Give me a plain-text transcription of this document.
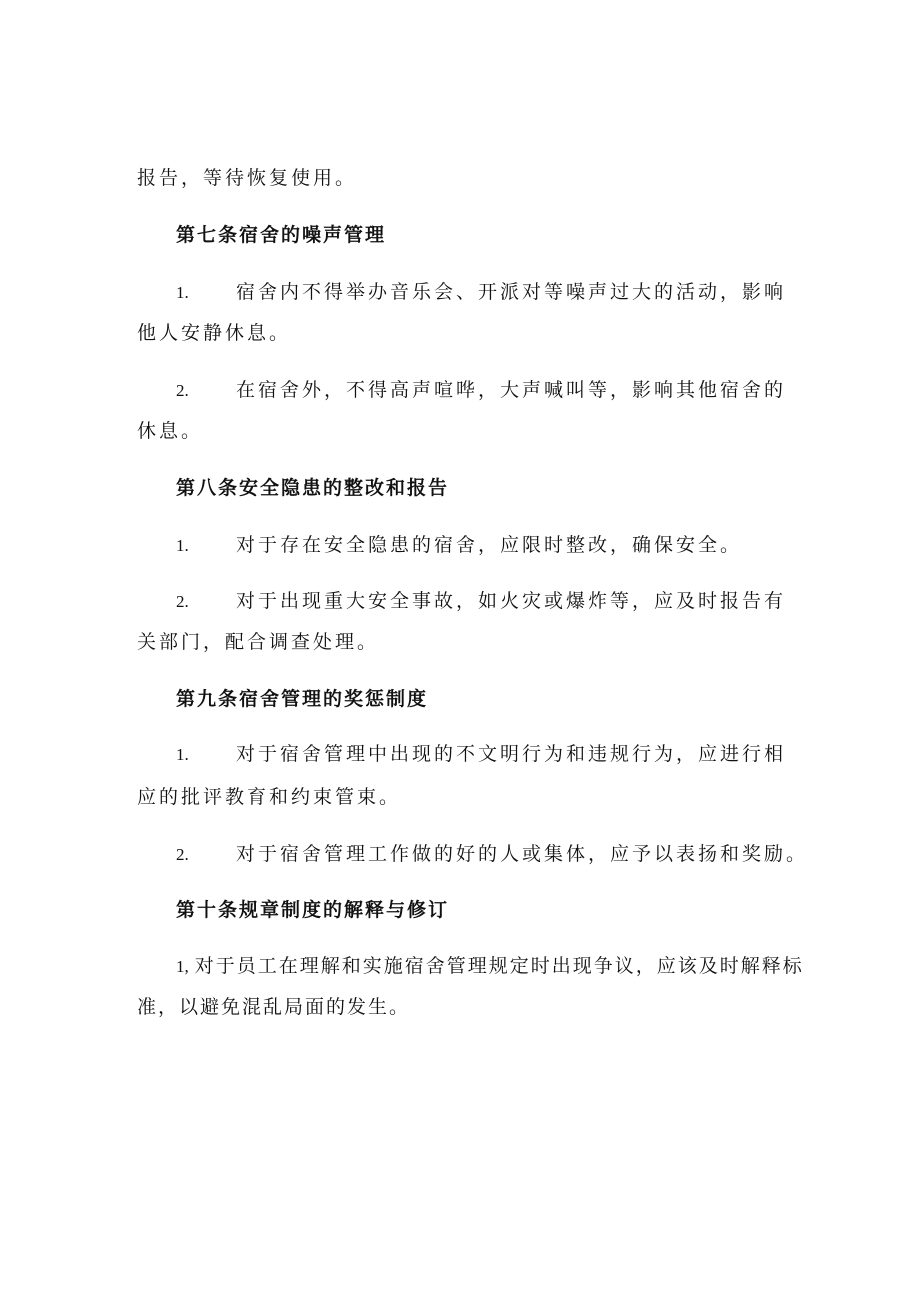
报告，等待恢复使用。
第七条宿舍的噪声管理
1. 宿舍内不得举办音乐会、开派对等噪声过大的活动，影响
他人安静休息。
2. 在宿舍外，不得高声喧哗，大声喊叫等，影响其他宿舍的
休息。
第八条安全隐患的整改和报告
1. 对于存在安全隐患的宿舍，应限时整改，确保安全。
2. 对于出现重大安全事故，如火灾或爆炸等，应及时报告有
关部门，配合调查处理。
第九条宿舍管理的奖惩制度
1. 对于宿舍管理中出现的不文明行为和违规行为，应进行相
应的批评教育和约束管束。
2. 对于宿舍管理工作做的好的人或集体，应予以表扬和奖励。
第十条规章制度的解释与修订
1, 对于员工在理解和实施宿舍管理规定时出现争议，应该及时解释标
准，以避免混乱局面的发生。
